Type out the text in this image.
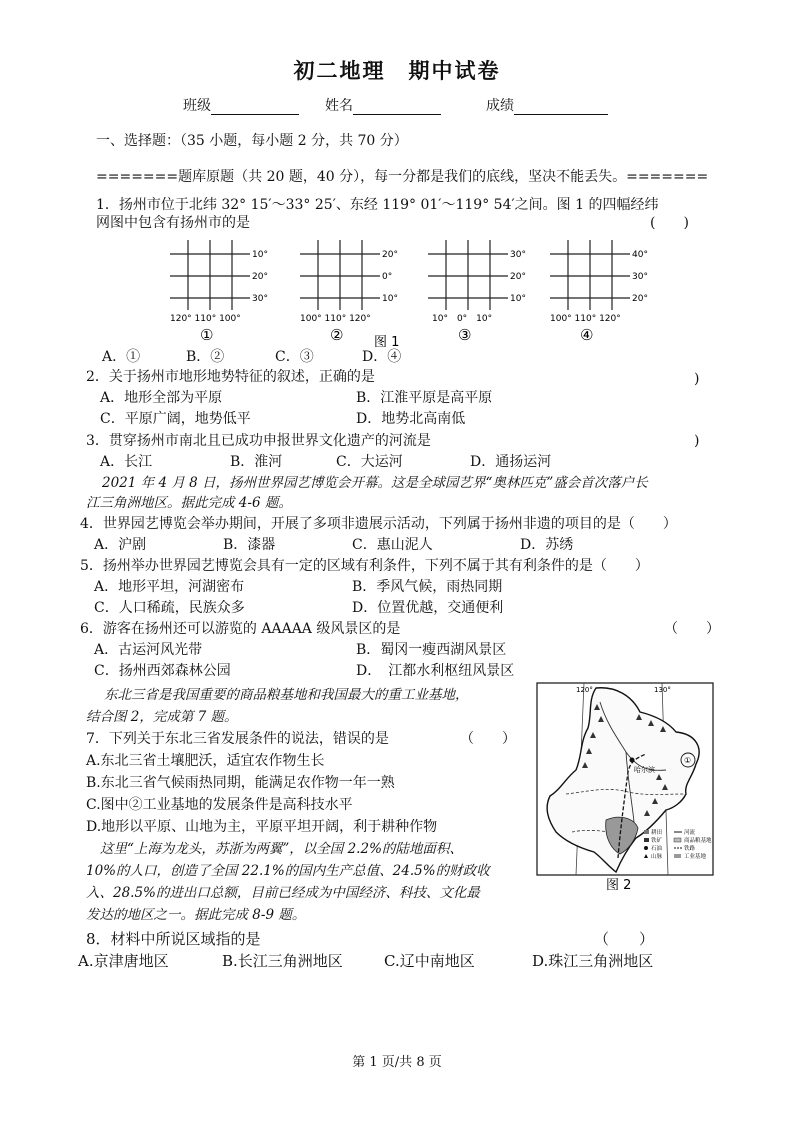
初二地理　期中试卷
班级	姓名	成绩
一、选择题：（35 小题，每小题 2 分，共 70 分）
=======题库原题（共 20 题，40 分），每一分都是我们的底线，坚决不能丢失。=======
1．扬州市位于北纬 32° 15′～33° 25′、东经 119° 01′～119° 54′之间。图 1 的四幅经纬
网图中包含有扬州市的是	(　　)
10°
20°
30°
120° 110° 100°
①
20°
0°
10°
100° 110° 120°
②
30°
20°
10°
10°　0°　10°
③
40°
30°
20°
100° 110° 120°
④
图 1
A．①	B．②	C．③	D．④
2．关于扬州市地形地势特征的叙述，正确的是	)
A．地形全部为平原	B．江淮平原是高平原
C．平原广阔，地势低平	D．地势北高南低
3．贯穿扬州市南北且已成功申报世界文化遗产的河流是	)
A．长江	B．淮河	C．大运河	D．通扬运河
2021 年 4 月 8 日，扬州世界园艺博览会开幕。这是全球园艺界“奥林匹克”盛会首次落户长
江三角洲地区。据此完成 4-6 题。
4．世界园艺博览会举办期间，开展了多项非遗展示活动，下列属于扬州非遗的项目的是（　　）
A．沪剧	B．漆器	C．惠山泥人	D．苏绣
5．扬州举办世界园艺博览会具有一定的区域有利条件，下列不属于其有利条件的是（　　）
A．地形平坦，河湖密布	B．季风气候，雨热同期
C．人口稀疏，民族众多	D．位置优越，交通便利
6．游客在扬州还可以游览的 AAAAA 级风景区的是	（　　）
A．古运河风光带	B．蜀冈一瘦西湖风景区
C．扬州西郊森林公园	D．　江都水利枢纽风景区
东北三省是我国重要的商品粮基地和我国最大的重工业基地，
结合图 2，完成第 7 题。
7．下列关于东北三省发展条件的说法，错误的是	（　　）
A.东北三省土壤肥沃，适宜农作物生长
B.东北三省气候雨热同期，能满足农作物一年一熟
C.图中②工业基地的发展条件是高科技水平
D.地形以平原、山地为主，平原平坦开阔，利于耕种作物
120°	130°
哈尔滨
①
耕田	河流
铁矿	商品粮基地
石油	铁路
山脉	工业基地
图 2
这里“上海为龙头，苏浙为两翼”，以全国 2.2%的陆地面积、
10%的人口，创造了全国 22.1%的国内生产总值、24.5%的财政收
入、28.5%的进出口总额，目前已经成为中国经济、科技、文化最
发达的地区之一。据此完成 8-9 题。
8．材料中所说区域指的是	（　　）
A.京津唐地区	B.长江三角洲地区	C.辽中南地区	D.珠江三角洲地区
第 1 页/共 8 页
